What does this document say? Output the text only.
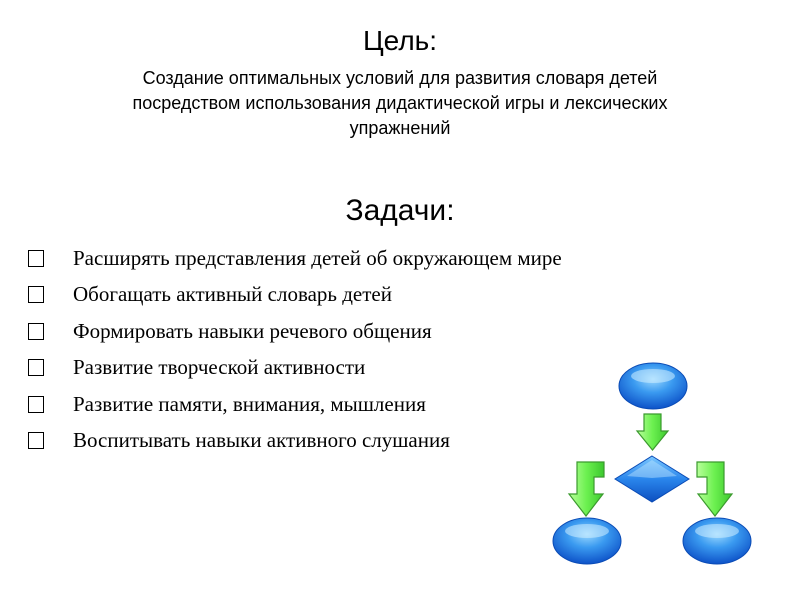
Цель:
Создание оптимальных условий для развития словаря детей
посредством использования дидактической игры и лексических
упражнений
Задачи:
Расширять представления детей об окружающем мире
Обогащать активный словарь детей
Формировать навыки речевого общения
Развитие творческой активности
Развитие памяти, внимания, мышления
Воспитывать навыки активного слушания
